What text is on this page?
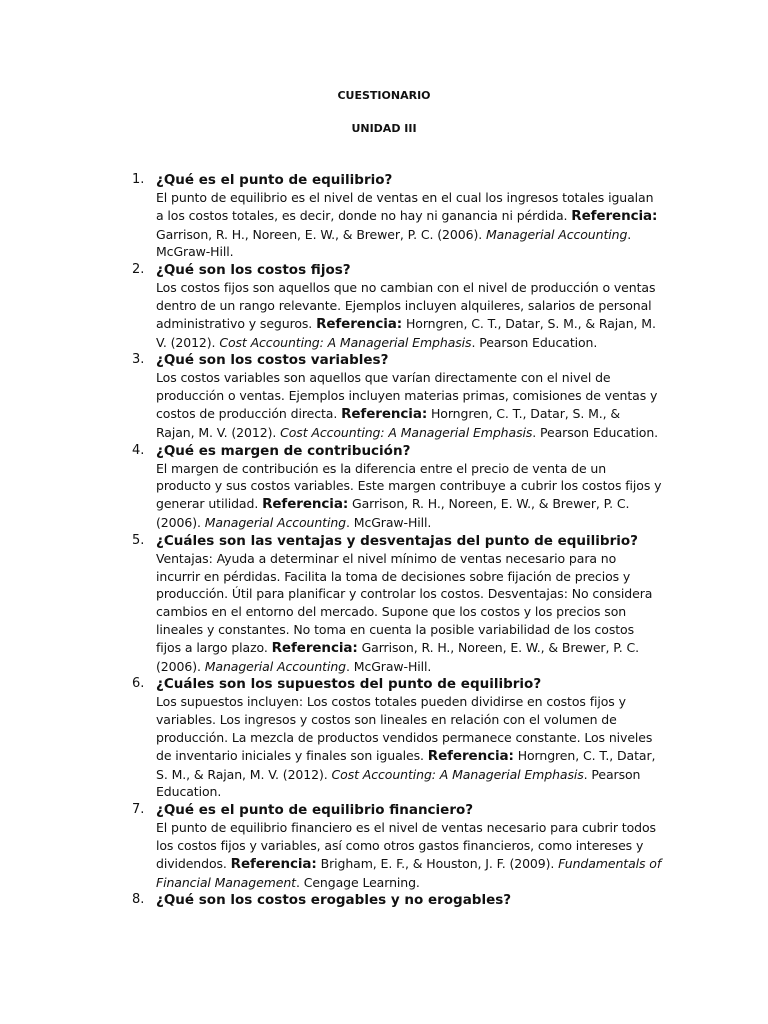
CUESTIONARIO
UNIDAD III
1. ¿Qué es el punto de equilibrio?
El punto de equilibrio es el nivel de ventas en el cual los ingresos totales igualan a los costos totales, es decir, donde no hay ni ganancia ni pérdida. Referencia: Garrison, R. H., Noreen, E. W., & Brewer, P. C. (2006). Managerial Accounting. McGraw-Hill.
2. ¿Qué son los costos fijos?
Los costos fijos son aquellos que no cambian con el nivel de producción o ventas dentro de un rango relevante. Ejemplos incluyen alquileres, salarios de personal administrativo y seguros. Referencia: Horngren, C. T., Datar, S. M., & Rajan, M. V. (2012). Cost Accounting: A Managerial Emphasis. Pearson Education.
3. ¿Qué son los costos variables?
Los costos variables son aquellos que varían directamente con el nivel de producción o ventas. Ejemplos incluyen materias primas, comisiones de ventas y costos de producción directa. Referencia: Horngren, C. T., Datar, S. M., & Rajan, M. V. (2012). Cost Accounting: A Managerial Emphasis. Pearson Education.
4. ¿Qué es margen de contribución?
El margen de contribución es la diferencia entre el precio de venta de un producto y sus costos variables. Este margen contribuye a cubrir los costos fijos y generar utilidad. Referencia: Garrison, R. H., Noreen, E. W., & Brewer, P. C. (2006). Managerial Accounting. McGraw-Hill.
5. ¿Cuáles son las ventajas y desventajas del punto de equilibrio?
Ventajas: Ayuda a determinar el nivel mínimo de ventas necesario para no incurrir en pérdidas. Facilita la toma de decisiones sobre fijación de precios y producción. Útil para planificar y controlar los costos. Desventajas: No considera cambios en el entorno del mercado. Supone que los costos y los precios son lineales y constantes. No toma en cuenta la posible variabilidad de los costos fijos a largo plazo. Referencia: Garrison, R. H., Noreen, E. W., & Brewer, P. C. (2006). Managerial Accounting. McGraw-Hill.
6. ¿Cuáles son los supuestos del punto de equilibrio?
Los supuestos incluyen: Los costos totales pueden dividirse en costos fijos y variables. Los ingresos y costos son lineales en relación con el volumen de producción. La mezcla de productos vendidos permanece constante. Los niveles de inventario iniciales y finales son iguales. Referencia: Horngren, C. T., Datar, S. M., & Rajan, M. V. (2012). Cost Accounting: A Managerial Emphasis. Pearson Education.
7. ¿Qué es el punto de equilibrio financiero?
El punto de equilibrio financiero es el nivel de ventas necesario para cubrir todos los costos fijos y variables, así como otros gastos financieros, como intereses y dividendos. Referencia: Brigham, E. F., & Houston, J. F. (2009). Fundamentals of Financial Management. Cengage Learning.
8. ¿Qué son los costos erogables y no erogables?
